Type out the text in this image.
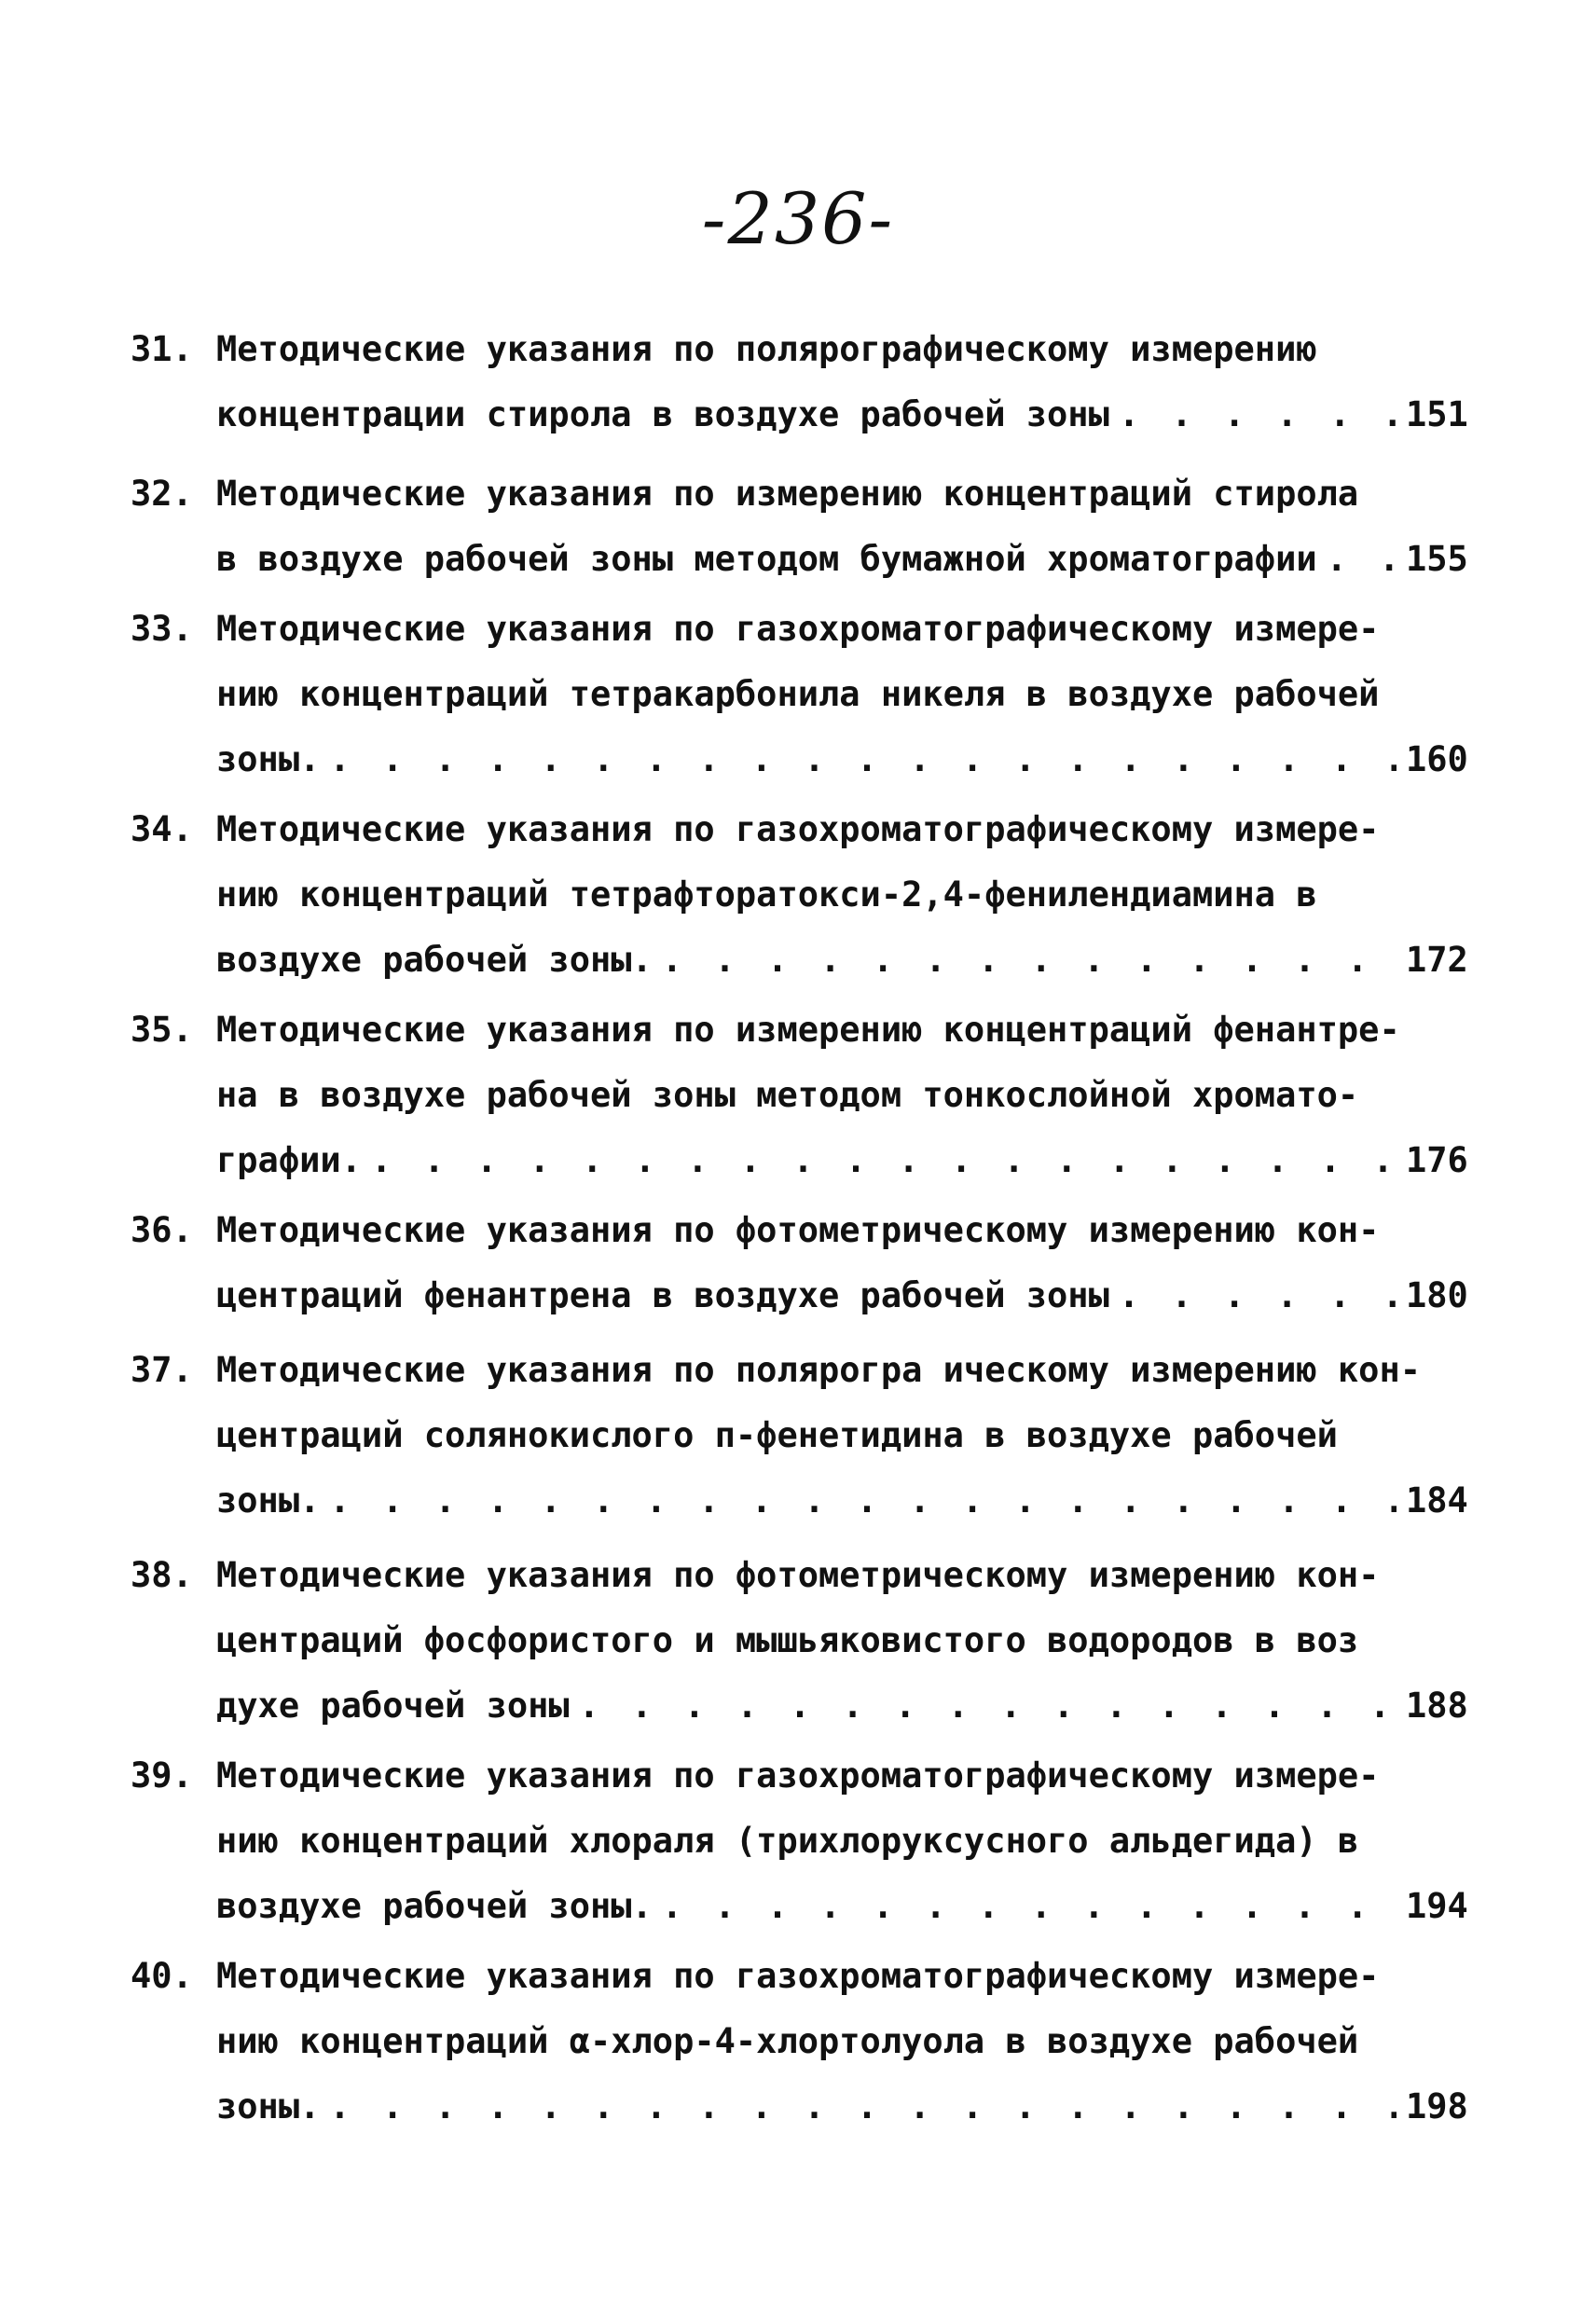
-236-
31. Методические указания по полярографическому измерению
концентрации стирола в воздухе рабочей зоны . . .	151
32. Методические указания по измерению концентраций стирола
в воздухе рабочей зоны методом бумажной хроматографии . . .	155
33. Методические указания по газохроматографическому измере-
нию концентраций тетракарбонила никеля в воздухе рабочей
зоны. . . .	160
34. Методические указания по газохроматографическому измере-
нию концентраций тетрафторатокси-2,4-фенилендиамина в
воздухе рабочей зоны. . . .	172
35. Методические указания по измерению концентраций фенантре-
на в воздухе рабочей зоны методом тонкослойной хромато-
графии. . . .	176
36. Методические указания по фотометрическому измерению кон-
центраций фенантрена в воздухе рабочей зоны . . .	180
37. Методические указания по полярогра ическому измерению кон-
центраций солянокислого п-фенетидина в воздухе рабочей
зоны. . . .	184
38. Методические указания по фотометрическому измерению кон-
центраций фосфористого и мышьяковистого водородов в воз
духе рабочей зоны . . .	188
39. Методические указания по газохроматографическому измере-
нию концентраций хлораля (трихлоруксусного альдегида) в
воздухе рабочей зоны. . . .	194
40. Методические указания по газохроматографическому измере-
нию концентраций α-хлор-4-хлортолуола в воздухе рабочей
зоны. . . .	198
